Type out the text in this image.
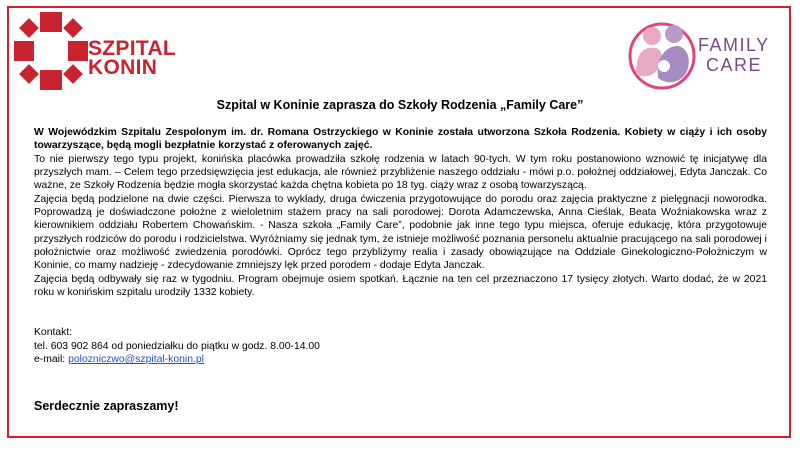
SZPITAL
KONIN
FAMILY
CARE
Szpital w Koninie zaprasza do Szkoły Rodzenia „Family Care”

W Wojewódzkim Szpitalu Zespolonym im. dr. Romana Ostrzyckiego w Koninie została utworzona Szkoła Rodzenia. Kobiety w ciąży i ich osoby towarzyszące, będą mogli bezpłatnie korzystać z oferowanych zajęć.

To nie pierwszy tego typu projekt, konińska placówka prowadziła szkołę rodzenia w latach 90-tych. W tym roku postanowiono wznowić tę inicjatywę dla przyszłych mam. – Celem tego przedsięwzięcia jest edukacja, ale również przybliżenie naszego oddziału - mówi p.o. położnej oddziałowej, Edyta Janczak. Co ważne, ze Szkoły Rodzenia będzie mogła skorzystać każda chętna kobieta po 18 tyg. ciąży wraz z osobą towarzyszącą.

Zajęcia będą podzielone na dwie części. Pierwsza to wykłady, druga ćwiczenia przygotowujące do porodu oraz zajęcia praktyczne z pielęgnacji noworodka. Poprowadzą je doświadczone położne z wieloletnim stażem pracy na sali porodowej: Dorota Adamczewska, Anna Cieślak, Beata Woźniakowska wraz z kierownikiem oddziału Robertem Chowańskim. - Nasza szkoła „Family Care”, podobnie jak inne tego typu miejsca, oferuje edukację, która przygotowuje przyszłych rodziców do porodu i rodzicielstwa. Wyróżniamy się jednak tym, że istnieje możliwość poznania personelu aktualnie pracującego na sali porodowej i położnictwie oraz możliwość zwiedzenia porodówki. Oprócz tego przybliżymy realia i zasady obowiązujące na Oddziale Ginekologiczno-Położniczym w Koninie, co mamy nadzieję - zdecydowanie zmniejszy lęk przed porodem - dodaje Edyta Janczak.

Zajęcia będą odbywały się raz w tygodniu. Program obejmuje osiem spotkań. Łącznie na ten cel przeznaczono 17 tysięcy złotych. Warto dodać, że w 2021 roku w konińskim szpitalu urodziły 1332 kobiety.

Kontakt:
tel. 603 902 864 od poniedziałku do piątku w godz. 8.00-14.00
e-mail: polozniczwo@szpital-konin.pl
Serdecznie zapraszamy!
